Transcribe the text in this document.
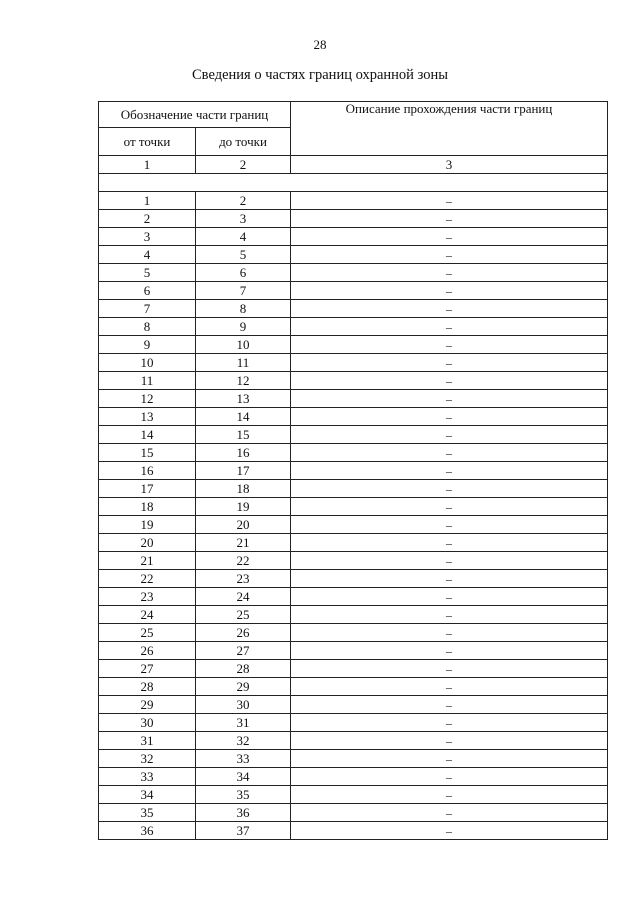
28
Сведения о частях границ охранной зоны
Обозначение части границ		Описание прохождения части границ
от точки	до точки	
1	2	3

1	2	–
2	3	–
3	4	–
4	5	–
5	6	–
6	7	–
7	8	–
8	9	–
9	10	–
10	11	–
11	12	–
12	13	–
13	14	–
14	15	–
15	16	–
16	17	–
17	18	–
18	19	–
19	20	–
20	21	–
21	22	–
22	23	–
23	24	–
24	25	–
25	26	–
26	27	–
27	28	–
28	29	–
29	30	–
30	31	–
31	32	–
32	33	–
33	34	–
34	35	–
35	36	–
36	37	–
